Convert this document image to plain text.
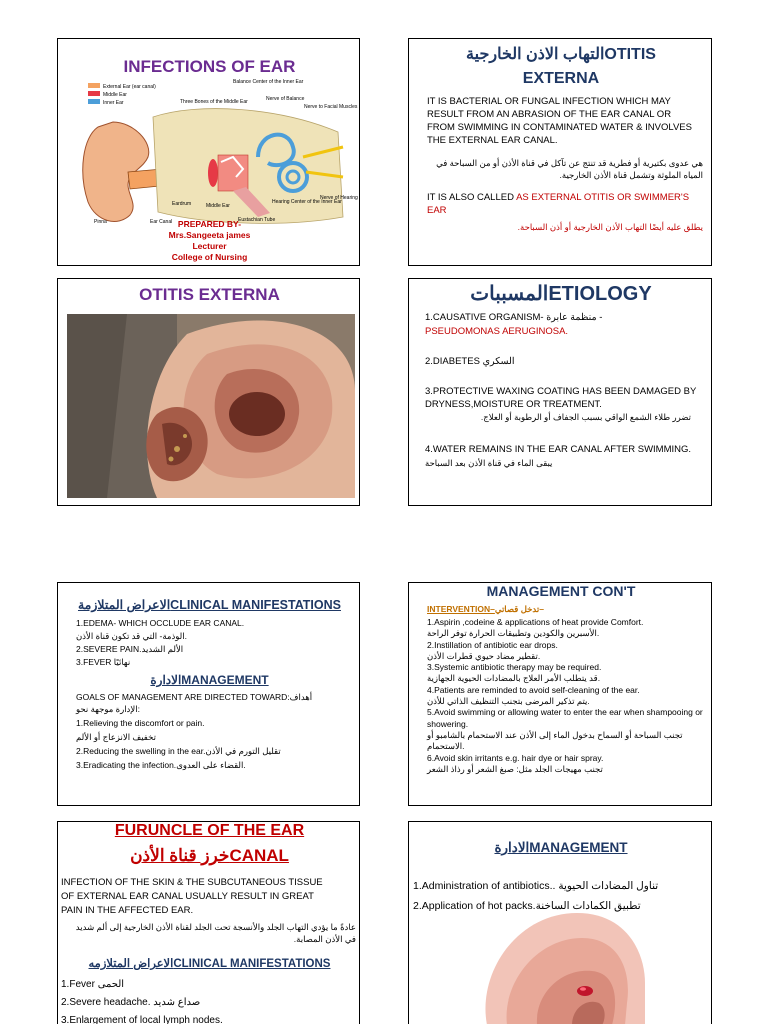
INFECTIONS OF EAR
External Ear (ear canal)
Middle Ear
Inner Ear
Balance Center of the Inner Ear
Three Bones of the Middle Ear	Nerve of Balance
Nerve to Facial Muscles
Nerve of Hearing
Hearing Center of the Inner Ear
Eardrum	Middle Ear
Eustachian Tube
Pinna	Ear Canal PREPARED BY-
Mrs.Sangeeta james
Lecturer
College of Nursing
التهاب الاذن الخارجيةOTITIS
EXTERNA
IT IS BACTERIAL OR FUNGAL INFECTION WHICH MAY RESULT FROM AN ABRASION OF THE EAR CANAL OR FROM SWIMMING IN CONTAMINATED WATER & INVOLVES THE EXTERNAL EAR CANAL.
هي عدوى بكتيرية أو فطرية قد تنتج عن تآكل في قناة الأذن أو من السباحة في المياه الملوثة وتشمل قناة الأذن الخارجية.
IT IS ALSO CALLED AS EXTERNAL OTITIS OR SWIMMER'S EAR
يطلق عليه أيضًا التهاب الأذن الخارجية أو أذن السباحة.
OTITIS EXTERNA	المسبباتETIOLOGY
1.CAUSATIVE ORGANISM- منظمة عابرة -
PSEUDOMONAS AERUGINOSA.
2.DIABETES السكري
3.PROTECTIVE WAXING COATING HAS BEEN DAMAGED BY DRYNESS,MOISTURE OR TREATMENT.
تضرر طلاء الشمع الواقي بسبب الجفاف أو الرطوبة أو العلاج.
4.WATER REMAINS IN THE EAR CANAL AFTER SWIMMING.
يبقى الماء في قناة الأذن بعد السباحة
الاعراض المتلازمةCLINICAL MANIFESTATIONS
1.EDEMA- WHICH OCCLUDE EAR CANAL.
الوذمة- التي قد تكون قناة الأذن.
2.SEVERE PAIN.الألم الشديد
3.FEVER نهائيًا
الادارةMANAGEMENT
GOALS OF MANAGEMENT ARE DIRECTED TOWARD:أهداف الإدارة موجهة نحو:
1.Relieving the discomfort or pain.
تخفيف الانزعاج أو الألم
2.Reducing the swelling in the ear.تقليل التورم في الأذن
3.Eradicating the infection.القضاء على العدوى.
MANAGEMENT CON'T
INTERVENTION–تدخل قصاتي–
1.Aspirin ,codeine & applications of heat provide Comfort.
الأسبرين والكودين وتطبيقات الحرارة توفر الراحة.
2.Instillation of antibiotic ear drops.
تقطير مضاد حيوي قطرات الأذن.
3.Systemic antibiotic therapy may be required.
قد يتطلب الأمر العلاج بالمضادات الحيوية الجهازية.
4.Patients are reminded to avoid self-cleaning of the ear.
يتم تذكير المرضى بتجنب التنظيف الذاتي للأذن.
5.Avoid swimming or allowing water to enter the ear when shampooing or showering.
تجنب السباحة أو السماح بدخول الماء إلى الأذن عند الاستحمام بالشامبو أو الاستحمام.
6.Avoid skin irritants e.g. hair dye or hair spray.
تجنب مهيجات الجلد مثل: صبغ الشعر أو رذاذ الشعر
FURUNCLE OF THE EAR
خرز قناة الأذنCANAL
INFECTION OF THE SKIN & THE SUBCUTANEOUS TISSUE OF EXTERNAL EAR CANAL USUALLY RESULT IN GREAT PAIN IN THE AFFECTED EAR.
عادةً ما يؤدي التهاب الجلد والأنسجة تحت الجلد لقناة الأذن الخارجية إلى ألم شديد في الأذن المصابة.
الاعراض المتلازمهCLINICAL MANIFESTATIONS
1.Fever الحمى
2.Severe headache. صداع شديد
3.Enlargement of local lymph nodes.
الادارةMANAGEMENT
1.Administration of antibiotics.. تناول المضادات الحيوية
2.Application of hot packs.تطبيق الكمادات الساخنة
